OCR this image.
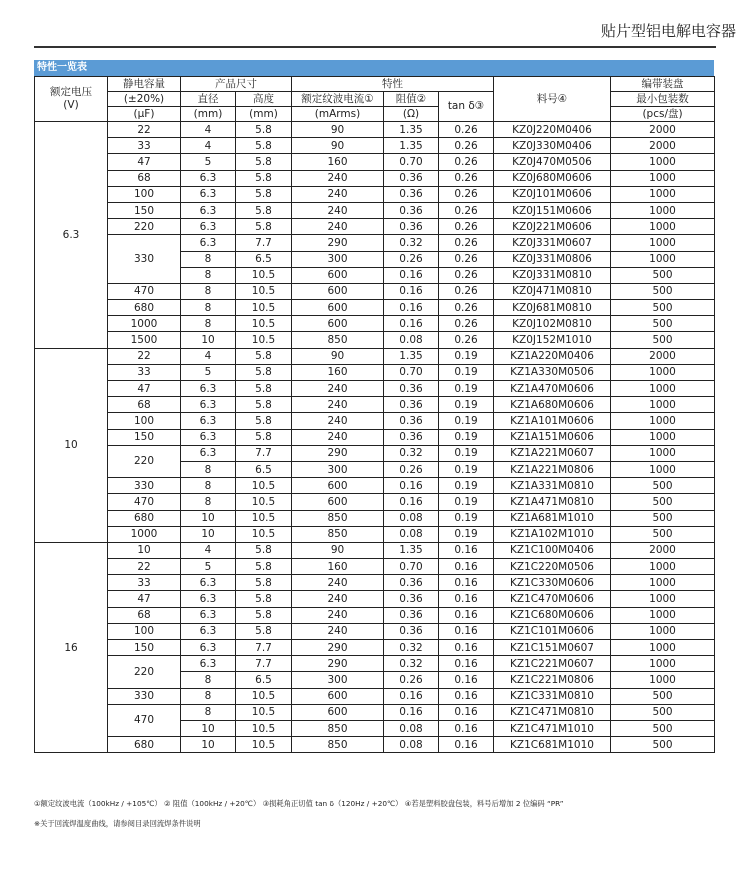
贴片型铝电解电容器
特性一览表
额定电压
(V)	静电容量	产品尺寸		特性			料号④	编带装盘
	(±20%)	直径	高度	额定纹波电流①	阻值②	tan δ③		最小包装数
	(μF)	(mm)	(mm)	(mArms)	(Ω)			(pcs/盘)
6.3	22	4	5.8	90	1.35	0.26	KZ0J220M0406	2000
	33	4	5.8	90	1.35	0.26	KZ0J330M0406	2000
	47	5	5.8	160	0.70	0.26	KZ0J470M0506	1000
	68	6.3	5.8	240	0.36	0.26	KZ0J680M0606	1000
	100	6.3	5.8	240	0.36	0.26	KZ0J101M0606	1000
	150	6.3	5.8	240	0.36	0.26	KZ0J151M0606	1000
	220	6.3	5.8	240	0.36	0.26	KZ0J221M0606	1000
	330	6.3	7.7	290	0.32	0.26	KZ0J331M0607	1000
		8	6.5	300	0.26	0.26	KZ0J331M0806	1000
		8	10.5	600	0.16	0.26	KZ0J331M0810	500
	470	8	10.5	600	0.16	0.26	KZ0J471M0810	500
	680	8	10.5	600	0.16	0.26	KZ0J681M0810	500
	1000	8	10.5	600	0.16	0.26	KZ0J102M0810	500
	1500	10	10.5	850	0.08	0.26	KZ0J152M1010	500
10	22	4	5.8	90	1.35	0.19	KZ1A220M0406	2000
	33	5	5.8	160	0.70	0.19	KZ1A330M0506	1000
	47	6.3	5.8	240	0.36	0.19	KZ1A470M0606	1000
	68	6.3	5.8	240	0.36	0.19	KZ1A680M0606	1000
	100	6.3	5.8	240	0.36	0.19	KZ1A101M0606	1000
	150	6.3	5.8	240	0.36	0.19	KZ1A151M0606	1000
	220	6.3	7.7	290	0.32	0.19	KZ1A221M0607	1000
		8	6.5	300	0.26	0.19	KZ1A221M0806	1000
	330	8	10.5	600	0.16	0.19	KZ1A331M0810	500
	470	8	10.5	600	0.16	0.19	KZ1A471M0810	500
	680	10	10.5	850	0.08	0.19	KZ1A681M1010	500
	1000	10	10.5	850	0.08	0.19	KZ1A102M1010	500
16	10	4	5.8	90	1.35	0.16	KZ1C100M0406	2000
	22	5	5.8	160	0.70	0.16	KZ1C220M0506	1000
	33	6.3	5.8	240	0.36	0.16	KZ1C330M0606	1000
	47	6.3	5.8	240	0.36	0.16	KZ1C470M0606	1000
	68	6.3	5.8	240	0.36	0.16	KZ1C680M0606	1000
	100	6.3	5.8	240	0.36	0.16	KZ1C101M0606	1000
	150	6.3	7.7	290	0.32	0.16	KZ1C151M0607	1000
	220	6.3	7.7	290	0.32	0.16	KZ1C221M0607	1000
		8	6.5	300	0.26	0.16	KZ1C221M0806	1000
	330	8	10.5	600	0.16	0.16	KZ1C331M0810	500
	470	8	10.5	600	0.16	0.16	KZ1C471M0810	500
		10	10.5	850	0.08	0.16	KZ1C471M1010	500
	680	10	10.5	850	0.08	0.16	KZ1C681M1010	500
①额定纹波电流（100kHz / +105℃） ② 阻值（100kHz / +20℃） ③损耗角正切值 tan δ（120Hz / +20℃） ④若是塑料胶盘包装，料号后增加 2 位编码 “PR”
※关于回流焊温度曲线，请参阅目录回流焊条件说明
